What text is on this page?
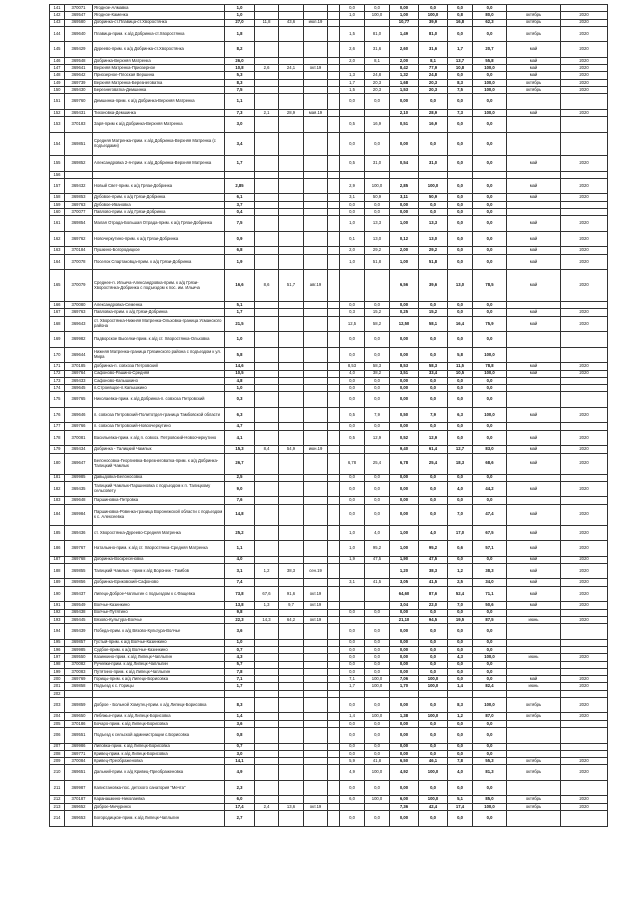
141	370071	Ягодное-Алмавка	1,0					0,0	0,0	0,00	0,0	0,0	0,0		
142	369547	Ягодное-Каменка	1,0					1,0	100,0	1,00	100,0	0,8	80,0	октябрь	2020
143	369580	Добринка-ст.Плавица-ст.Хворостянка	27,0	11,8	43,6	июл.19				10,77	39,9	16,8	62,3	октябрь	2020
144	369640	Плавица-прим. к а/д Добринка-ст.Хворостянка	1,8					1,5	81,0	1,49	81,0	0,0	0,0	октябрь	2020
145	369429	Дуреево-прим. к а/д Добринка-ст.Хворостянка	8,2					2,6	31,6	2,60	31,6	1,7	20,7	май	2020
146	369548	Добринка-Верхняя Матренка	26,0					2,0	8,1	2,00	8,1	13,7	55,8	май	2020
147	369641	Верхняя Матренка-Приозерное	10,8	2,6	24,1	окт.19				8,42	77,9	10,8	100,0	май	2020
148	369642	Приозерное-Плоская Вершина	5,3					1,3	24,8	1,32	24,8	0,0	0,0	май	2020
149	369739	Верхняя Матренка-Березнеговатка	8,3					1,7	20,3	1,68	20,3	8,3	100,0	октябрь	2020
150	369430	Березнеговатка-Демшинка	7,5					1,5	20,3	1,53	20,3	7,5	100,0	октябрь	2020
151	369760	Демшинка-прим. к а/д Добринка-Верхняя Матренка	1,1					0,0	0,0	0,00	0,0	0,0	0,0		
152	369431	Тихоновка-Демшинка	7,3	2,1	28,9	мая.19				2,10	28,9	7,3	100,0	май	2020
153	370183	Заря-прим к а/д Добринка-Верхняя Матренка	3,0					0,5	16,9	0,51	16,9	0,0	0,0		
154	369851	Средняя Матренка-прим. к а/д Добринка-Верхняя Матренка (с подъездами)	3,4					0,0	0,0	0,00	0,0	0,0	0,0		
155	369852	Александровка 2-я-прим. к а/д Добринка-Верхняя Матренка	1,7					0,5	31,0	0,54	31,0	0,0	0,0	май	2020
156															
157	369432	Новый Свет-прим. к а/д Грязи-Добринка	2,85					2,9	100,0	2,85	100,0	0,0	0,0	май	2020
158	369853	Дубовое-прим. к а/д Грязи-Добринка	6,1					3,1	50,9	3,11	50,9	0,0	0,0	май	2020
159	369763	Дубовое-Ивановка	3,7					0,0	0,0	0,00	0,0	0,0	0,0		
160	370077	Павлово-прим. к а/д Грязи-Добринка	0,4					0,0	0,0	0,00	0,0	0,0	0,0		
161	369854	Малая Отрада-Большая Отрада-прим. к а/д Грязи-Добринка	7,5					1,0	13,3	1,00	13,3	0,0	0,0	май	2020
162	369762	Новочеркутино-прим. к а/д Грязи-Добринка	0,9					0,1	13,0	0,12	13,0	0,0	0,0	май	2020
163	370184	Пушкино-Богородицкое	6,8					2,0	29,2	2,00	29,2	0,0	0,0	май	2020
164	370078	Поселок Спартаковца-прим. к а/д Грязи-Добринка	1,9					1,0	51,8	1,00	51,8	0,0	0,0	май	2020
165	370079	Среднее-п. Ильича-Александровка-прим. к а/д Грязи-Хворостянка-Добринка с подъездом к пос. им. Ильича	16,6	8,6	51,7	авг.19				6,56	39,6	13,0	78,5	май	2020
166	370080	Александровка-Семенка	5,1					0,0	0,0	0,00	0,0	0,0	0,0		
167	369763	Павловка-прим. к а/д Грязи-Добринка	1,7					0,3	15,2	0,25	15,2	0,0	0,0	май	2020
168	369643	ст. Хворостянка-Нижняя Матренка-Ольховка-граница Усманского района	21,5					12,5	58,2	12,50	58,1	16,4	75,9	май	2020
169	369982	Падворское Выселки-прим. к а/д ст. Хворостянка-Ольховка	1,0					0,0	0,0	0,00	0,0	0,0	0,0		
170	369644	Нижняя Матренка-граница Грязинского района с подъездом к ул. Мира	5,8					0,0	0,0	0,00	0,0	5,8	100,0		
171	370185	Добринка-п. совхоза Петровский	14,6					8,53	58,3	8,53	58,3	11,5	78,8	май	2020
172	369764	Сафоново-Рашино-Средняя	10,5					4,0	38,2	3,51	33,4	10,5	100,0	май	2020
173	369433	Сафоново-Капышкино	4,8					0,0	0,0	0,00	0,0	0,0	0,0		
174	369645	п.Строевщое-п.Капышкино	1,0					0,0	0,0	0,00	0,0	0,0	0,0		
175	369765	Николаевка-прим. к а/д Добринка-п. совхоза Петровский	0,3					0,0	0,0	0,00	0,0	0,0	0,0		
176	369646	п. совхоза Петровский-Политотдел-граница Тамбовской области	6,3					0,5	7,9	0,50	7,9	6,3	100,0	май	2020
177	369766	п. совхоза Петровский-Новоочеркутино	4,7					0,0	0,0	0,00	0,0	0,0	0,0		
178	370081	Васильевка-прим. к а/д п. совхоз. Петровский-Новоочеркутино	4,1					0,5	12,9	0,52	12,9	0,0	0,0	май	2020
179	369434	Добринка - Талицкий Чамлык	15,3	8,4	54,9	июн.19				9,40	61,4	12,7	83,0	май	2020
180	369647	Белоносовка-Георгиевка-Березнеговатка-прим. к а/д Добринка-Талицкий Чамлык	26,7					6,78	25,4	6,78	25,4	18,3	68,6	май	2020
181	369985	Давыдовка-Белоносовка	2,5					0,0	0,0	0,00	0,0	0,0	0,0		
182	369435	Талицкий Чамлык-Паршиновка с подъездом к п. Талицкому сельсовету	9,0					0,0	0,0	0,00	0,0	4,0	44,2	май	2020
183	369648	Паршиновка-Петровка	7,6					0,0	0,0	0,00	0,0	0,0	0,0		
184	369984	Паршиновка-Ровенка-граница Воронежской области с подъездом к с. Алексеевка	14,8					0,0	0,0	0,00	0,0	7,0	47,4	май	2020
185	369436	ст. Хворостянка-Дуреево-Средняя Матренка	25,2					1,0	4,0	1,00	4,0	17,0	67,5	май	2020
186	369767	Натальино-прим. к а/д ст. Хворостянка-Средняя Матренка	1,1					1,0	95,2	1,00	95,2	0,6	57,1	май	2020
187	369768	Добринка-Воскресеновка	4,0					1,9	47,5	1,90	47,5	0,0	0,0	май	2020
188	369855	Талицкий Чамлык - прим к а/д Воронеж - Тамбов	3,1	1,2	38,3	сен.19				1,20	38,3	1,2	38,3	май	2020
189	369856	Добринка-Ериковский-Сафоново	7,4					3,1	41,5	3,05	41,5	2,5	34,0	май	2020
190	369437	Липецк-Доброе-Чаплыгин с подъездом к с.Фащевка	73,8	67,6	91,6	окт.19				64,60	87,6	52,4	71,1	май	2020
191	369549	Волчье-Казинкино	13,8	1,3	9,7	окт.19				3,04	22,0	7,0	50,6	май	2020
192	369438	Волчье-Путятино	9,8					0,0	0,0	0,00	0,0	0,0	0,0		
193	369445	Вязово-Культура-Волчье	22,3	14,3	64,2	окт.19				21,10	94,5	19,5	87,5	июнь	2020
194	369439	Победа-прим. к а/д Вязово-Культура-Волчье	3,6					0,0	0,0	0,00	0,0	0,0	0,0		
195	369857	Густый-прим. к а/д Волчье-Казинкино	1,0					0,0	0,0	0,00	0,0	0,0	0,0		
196	369985	Судбое-прим. к а/д Волчье-Казинкино	0,7					0,0	0,0	0,00	0,0	0,0	0,0		
197	369550	Казинкино-прим. к а/д Липецк-Чаплыгин	4,3					0,0	0,0	0,00	0,0	4,3	100,0	июнь	2020
198	370082	Ручейки-прим. к а/д Липецк-Чаплыгин	5,7					0,0	0,0	0,00	0,0	0,0	0,0		
199	370083	Путятино-прим. к а/д Липецк-Чаплыгин	7,8					0,0	0,0	0,00	0,0	0,0	0,0		
200	369769	Горицы-прим. к а/д Липецк-Борисовка	7,1					7,1	100,0	7,06	100,0	0,0	0,0	май	2020
201	369858	Подъезд к с. Горицы	1,7					1,7	100,0	1,70	100,0	1,4	82,4	июнь	2020
202															
203	369859	Доброе - Больной Хомутец-прим. к а/д Липецк-Борисовка	8,3					0,0	0,0	0,00	0,0	8,3	100,0	октябрь	2020
204	369650	Лебяжье-прим. к а/д Липецк-Борисовка	1,4					1,4	100,0	1,38	100,0	1,2	87,0	октябрь	2020
205	370186	Бочаро-прим. к а/д Липецк-Борисовка	3,6					0,0	0,0	0,00	0,0	0,0	0,0		
206	369551	Подъезд к сельской администрации с.Борисовка	0,8					0,0	0,0	0,00	0,0	0,0	0,0		
207	369986	Липовка-прим. к а/д Липецк-Борисовка	0,7					0,0	0,0	0,00	0,0	0,0	0,0		
208	369771	Кривец-прим. к а/д Липецк-Борисовка	3,0					0,0	0,0	0,00	0,0	0,0	0,0		
209	370084	Кривец-Преображеновка	14,1					5,9	41,8	6,50	46,1	7,8	55,3	октябрь	2020
210	369651	Дальний-прим. к а/д Кривец-Преображеновка	4,9					4,9	100,0	4,92	100,0	4,0	81,3	октябрь	2020
211	369987	Калистановка-пос. детского санатория "Мечта"	2,3					0,0	0,0	0,00	0,0	0,0	0,0		
212	370187	Каранашкино-Николаевка	6,0					6,0	100,0	6,00	100,0	5,1	85,0	октябрь	2020
213	369652	Доброе-Мичуринск	17,4	2,4	13,6	окт.19				7,36	42,4	17,4	100,0	октябрь	2020
214	369653	Богородицкое-прим. к а/д Липецк-Чаплыгин	2,7					0,0	0,0	0,00	0,0	0,0	0,0		
